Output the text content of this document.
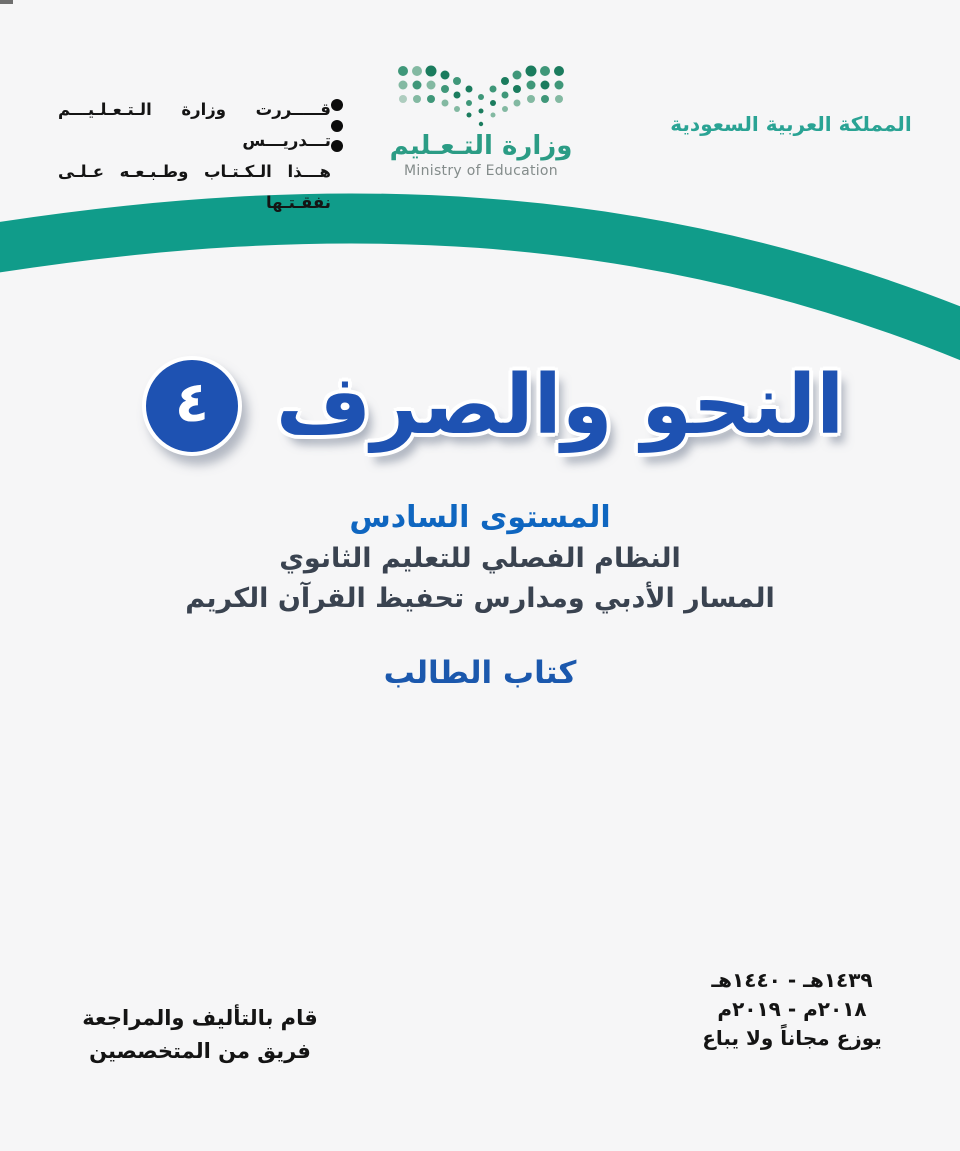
قـــــررت وزارة الـتـعـلـيـــم تـــدريـــس
هـــذا الـكـتـاب وطـبـعـه عـلـى نفقـتـها
وزارة التـعـليم
Ministry of Education
المملكة العربية السعودية
النحو والصرف
٤
المستوى السادس
النظام الفصلي للتعليم الثانوي
المسار الأدبي ومدارس تحفيظ القرآن الكريم
كتاب الطالب
قام بالتأليف والمراجعة
فريق من المتخصصين
١٤٣٩هـ - ١٤٤٠هـ
٢٠١٨م - ٢٠١٩م
يوزع مجاناً ولا يباع
